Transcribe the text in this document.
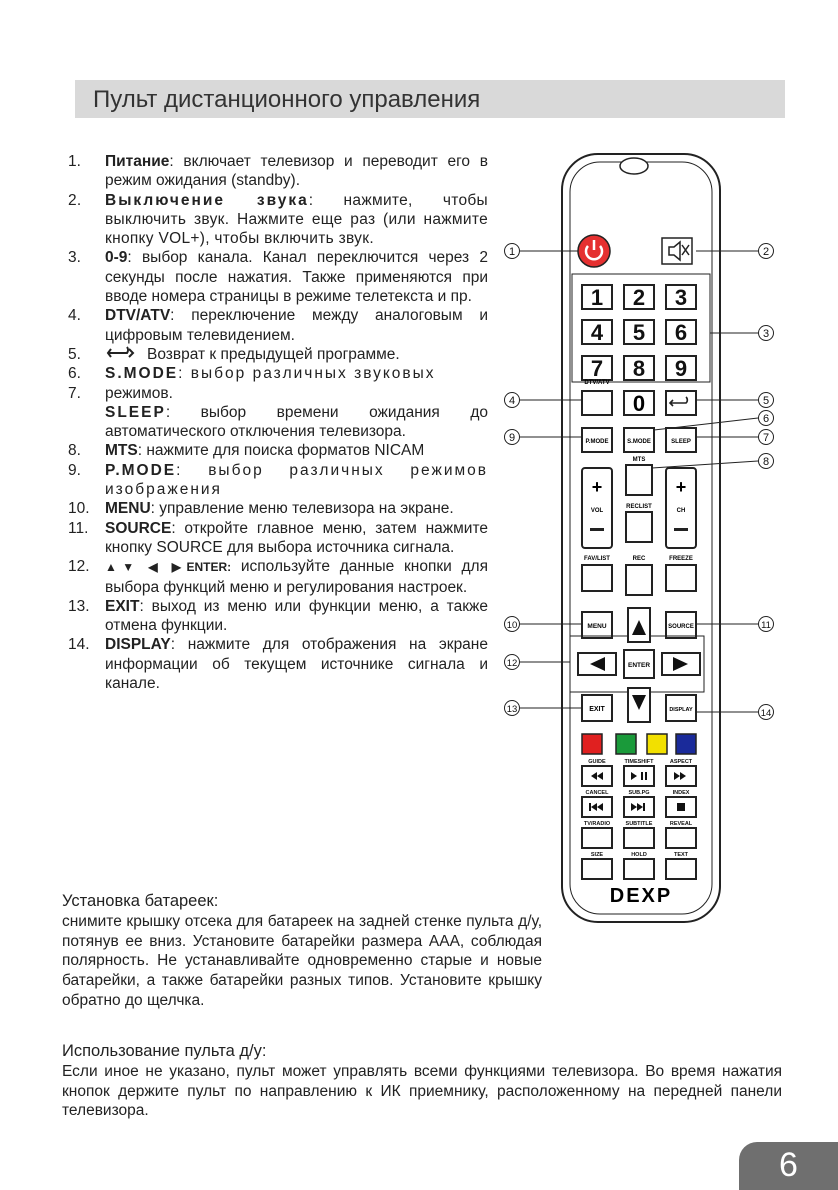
Пульт дистанционного управления
1. Питание: включает телевизор и переводит его в режим ожидания (standby).
2. Выключение звука: нажмите, чтобы выключить звук. Нажмите еще раз (или нажмите кнопку VOL+), чтобы включить звук.
3. 0-9: выбор канала. Канал переключится через 2 секунды после нажатия. Также применяются при вводе номера страницы в режиме телетекста и пр.
4. DTV/ATV: переключение между аналоговым и цифровым телевидением.
5.	Возврат к предыдущей программе.
6. S.MODE: выбор различных звуковых
7. режимов.
SLEEP: выбор времени ожидания до автоматического отключения телевизора.
8. MTS: нажмите для поиска форматов NICAM
9. P.MODE: выбор различных режимов изображения
10. MENU: управление меню телевизора на экране.
11. SOURCE: откройте главное меню, затем нажмите кнопку SOURCE для выбора источника сигнала.
12. ▲▼ ◀ ▶ENTER: используйте данные кнопки для выбора функций меню и регулирования настроек.
13. EXIT: выход из меню или функции меню, а также отмена функции.
14. DISPLAY: нажмите для отображения на экране информации об текущем источнике сигнала и канале.
Установка батареек:

снимите крышку отсека для батареек на задней стенке пульта д/у, потянув ее вниз. Установите батарейки размера AAA, соблюдая полярность. Не устанавливайте одновременно старые и новые батарейки, а также батарейки разных типов. Установите крышку обратно до щелчка.

Использование пульта д/у:

Если иное не указано, пульт может управлять всеми функциями телевизора. Во время нажатия кнопок держите пульт по направлению к ИК приемнику, расположенному на передней панели телевизора.

1 2 3
4 5 6
7 8 9
DTV/ATV
0
P.MODE	S.MODE	SLEEP
MTS
+
VOL
+
CH
RECLIST
FAV/LIST	REC	FREEZE
MENU	SOURCE
ENTER
EXIT	DISPLAY
GUIDE	TIMESHIFT	ASPECT
CANCEL	SUB.PG	INDEX
TV/RADIO	SUBTITLE	REVEAL
SIZE	HOLD	TEXT
DEXP
1	2
3
4	5
6
7
8
9
10	11
12
13	14
6
